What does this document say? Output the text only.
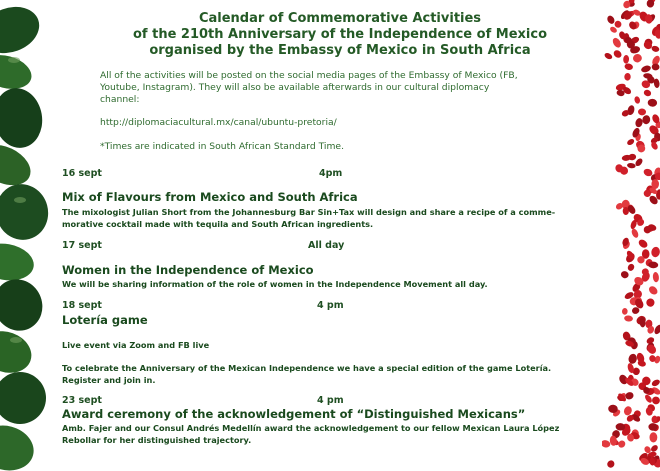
Calendar of Commemorative Activities
of the 210th Anniversary of the Independence of Mexico
organised by the Embassy of Mexico in South Africa
All of the activities will be posted on the social media pages of the Embassy of Mexico (FB,
Youtube, Instagram). They will also be available afterwards in our cultural diplomacy
channel:
http://diplomaciacultural.mx/canal/ubuntu-pretoria/
*Times are indicated in South African Standard Time.
16 sept	4pm
Mix of Flavours from Mexico and South Africa
The mixologist Julian Short from the Johannesburg Bar Sin+Tax will design and share a recipe of a comme-
morative cocktail made with tequila and South African ingredients.
17 sept	All day
Women in the Independence of Mexico
We will be sharing information of the role of women in the Independence Movement all day.
18 sept	4 pm
Lotería game
Live event via Zoom and FB live
To celebrate the Anniversary of the Mexican Independence we have a special edition of the game Lotería.
Register and join in.
23 sept	4 pm
Award ceremony of the acknowledgement of “Distinguished Mexicans”
Amb. Fajer and our Consul Andrés Medellín award the acknowledgement to our fellow Mexican Laura López
Rebollar for her distinguished trajectory.
